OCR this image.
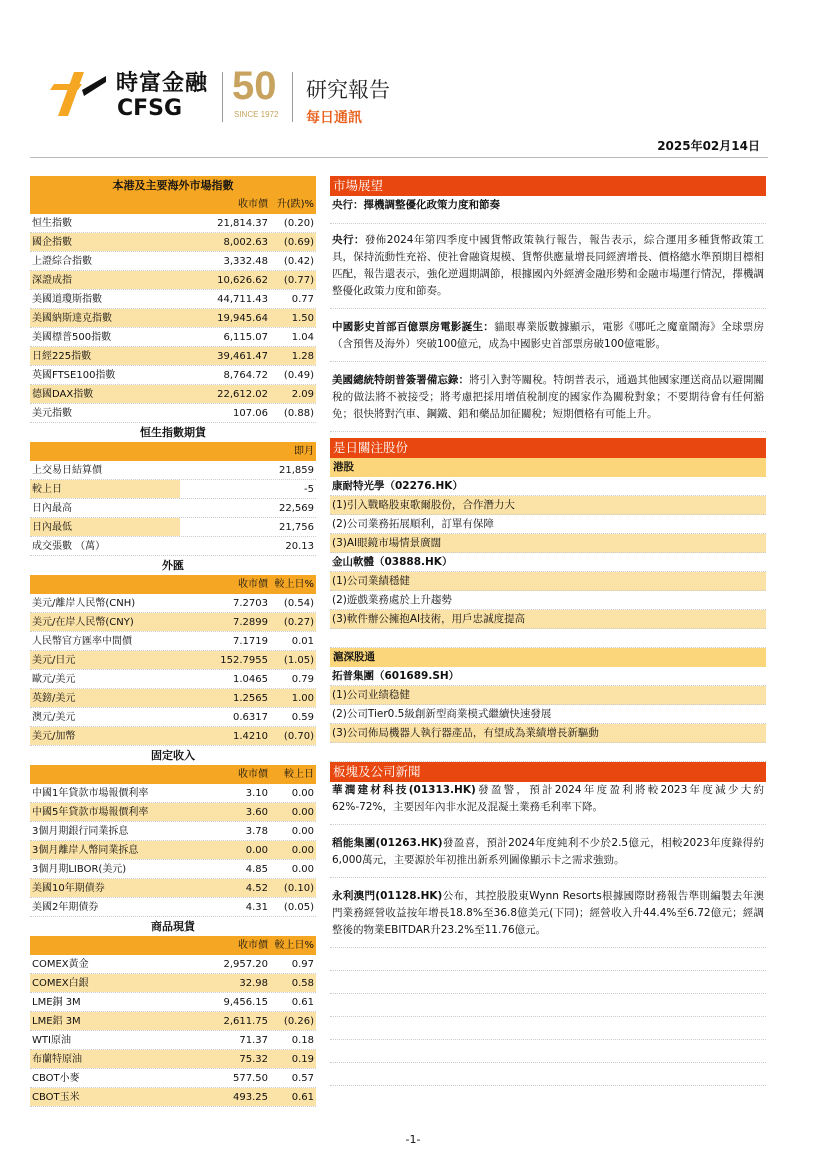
時富金融
CFSG
50
SINCE 1972
研究報告
每日通訊
2025年02月14日
本港及主要海外市場指數
收市價 升(跌)%
恒生指數	21,814.37	(0.20)
國企指數	8,002.63	(0.69)
上證綜合指數	3,332.48	(0.42)
深證成指	10,626.62	(0.77)
美國道瓊斯指數	44,711.43	0.77
美國納斯達克指數	19,945.64	1.50
美國標普500指數	6,115.07	1.04
日經225指數	39,461.47	1.28
英國FTSE100指數	8,764.72	(0.49)
德國DAX指數	22,612.02	2.09
美元指數	107.06	(0.88)
恒生指數期貨
即月
上交易日結算價	21,859
較上日	-5
日內最高	22,569
日內最低	21,756
成交張數 （萬）	20.13
外匯
收市價 較上日%
美元/離岸人民幣(CNH)	7.2703	(0.54)
美元/在岸人民幣(CNY)	7.2899	(0.27)
人民幣官方匯率中間價	7.1719	0.01
美元/日元	152.7955	(1.05)
歐元/美元	1.0465	0.79
英鎊/美元	1.2565	1.00
澳元/美元	0.6317	0.59
美元/加幣	1.4210	(0.70)
固定收入
收市價	較上日
中國1年貸款市場報價利率	3.10	0.00
中國5年貸款市場報價利率	3.60	0.00
3個月期銀行同業拆息	3.78	0.00
3個月離岸人幣同業拆息	0.00	0.00
3個月期LIBOR(美元)	4.85	0.00
美國10年期債券	4.52	(0.10)
美國2年期債券	4.31	(0.05)
商品現貨
收市價 較上日%
COMEX黃金	2,957.20	0.97
COMEX白銀	32.98	0.58
LME銅 3M	9,456.15	0.61
LME鋁 3M	2,611.75	(0.26)
WTI原油	71.37	0.18
布蘭特原油	75.32	0.19
CBOT小麥	577.50	0.57
CBOT玉米	493.25	0.61
市場展望
央行：擇機調整優化政策力度和節奏
央行：發佈2024年第四季度中國貨幣政策執行報告，報告表示，綜合運用多種貨幣政策工具，保持流動性充裕、使社會融資規模、貨幣供應量增長同經濟增長、價格總水準預期目標相匹配，報告還表示，強化逆週期調節，根據國內外經濟金融形勢和金融市場運行情況，擇機調整優化政策力度和節奏。
中國影史首部百億票房電影誕生：貓眼專業版數據顯示，電影《哪吒之魔童鬧海》全球票房（含預售及海外）突破100億元，成為中國影史首部票房破100億電影。
美國總統特朗普簽署備忘錄：將引入對等關稅。特朗普表示，通過其他國家運送商品以避開關稅的做法將不被接受；將考慮把採用增值稅制度的國家作為關稅對象；不要期待會有任何豁免；很快將對汽車、鋼鐵、鋁和藥品加征關稅；短期價格有可能上升。
是日關注股份
港股
康耐特光學（02276.HK）
(1)引入戰略股東歌爾股份，合作潛力大
(2)公司業務拓展順利，訂單有保障
(3)AI眼鏡市場情景廣闊
金山軟體（03888.HK）
(1)公司業績穩健
(2)遊戲業務處於上升趨勢
(3)軟件辦公擁抱AI技術，用戶忠誠度提高
滬深股通
拓普集團（601689.SH）
(1)公司业绩稳健
(2)公司Tier0.5級創新型商業模式繼續快速發展
(3)公司佈局機器人執行器產品，有望成為業績增長新驅動
板塊及公司新聞
華潤建材科技(01313.HK)發盈警，預計2024年度盈利將較2023年度減少大約62%-72%，主要因年內非水泥及混凝土業務毛利率下降。
稻能集團(01263.HK)發盈喜，預計2024年度純利不少於2.5億元，相較2023年度錄得約6,000萬元，主要源於年初推出新系列圖像顯示卡之需求強勁。
永利澳門(01128.HK)公布，其控股股東Wynn Resorts根據國際財務報告準則編製去年澳門業務經營收益按年增長18.8%至36.8億美元(下同)；經營收入升44.4%至6.72億元；經調整後的物業EBITDAR升23.2%至11.76億元。
-1-
